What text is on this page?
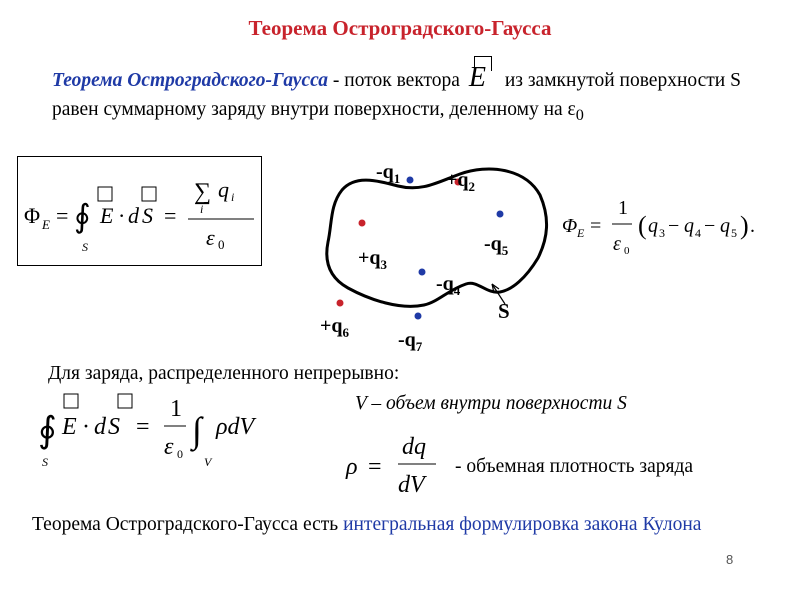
Теорема Остроградского-Гаусса
Теорема Остроградского-Гаусса - поток вектора E из замкнутой поверхности S равен суммарному заряду внутри поверхности, деленному на $\varepsilon_0$
Φ E = ∮
S
E · d S =
∑ q i
i
ε 0
$-q_1 +q_2$
$+q_3$
$-q_4$
$-q_5$
$+q_6$ $-q_7$
S
Φ E =
1
ε 0
( q 3 − q 4 − q 5 ) .
Для заряда, распределенного непрерывно:
∮
S
E · d S =
1
ε 0
∫
V
ρdV
V – объем внутри поверхности S
ρ =
dq
dV
- объемная плотность заряда
Теорема Остроградского-Гаусса есть интегральная формулировка закона Кулона
8
